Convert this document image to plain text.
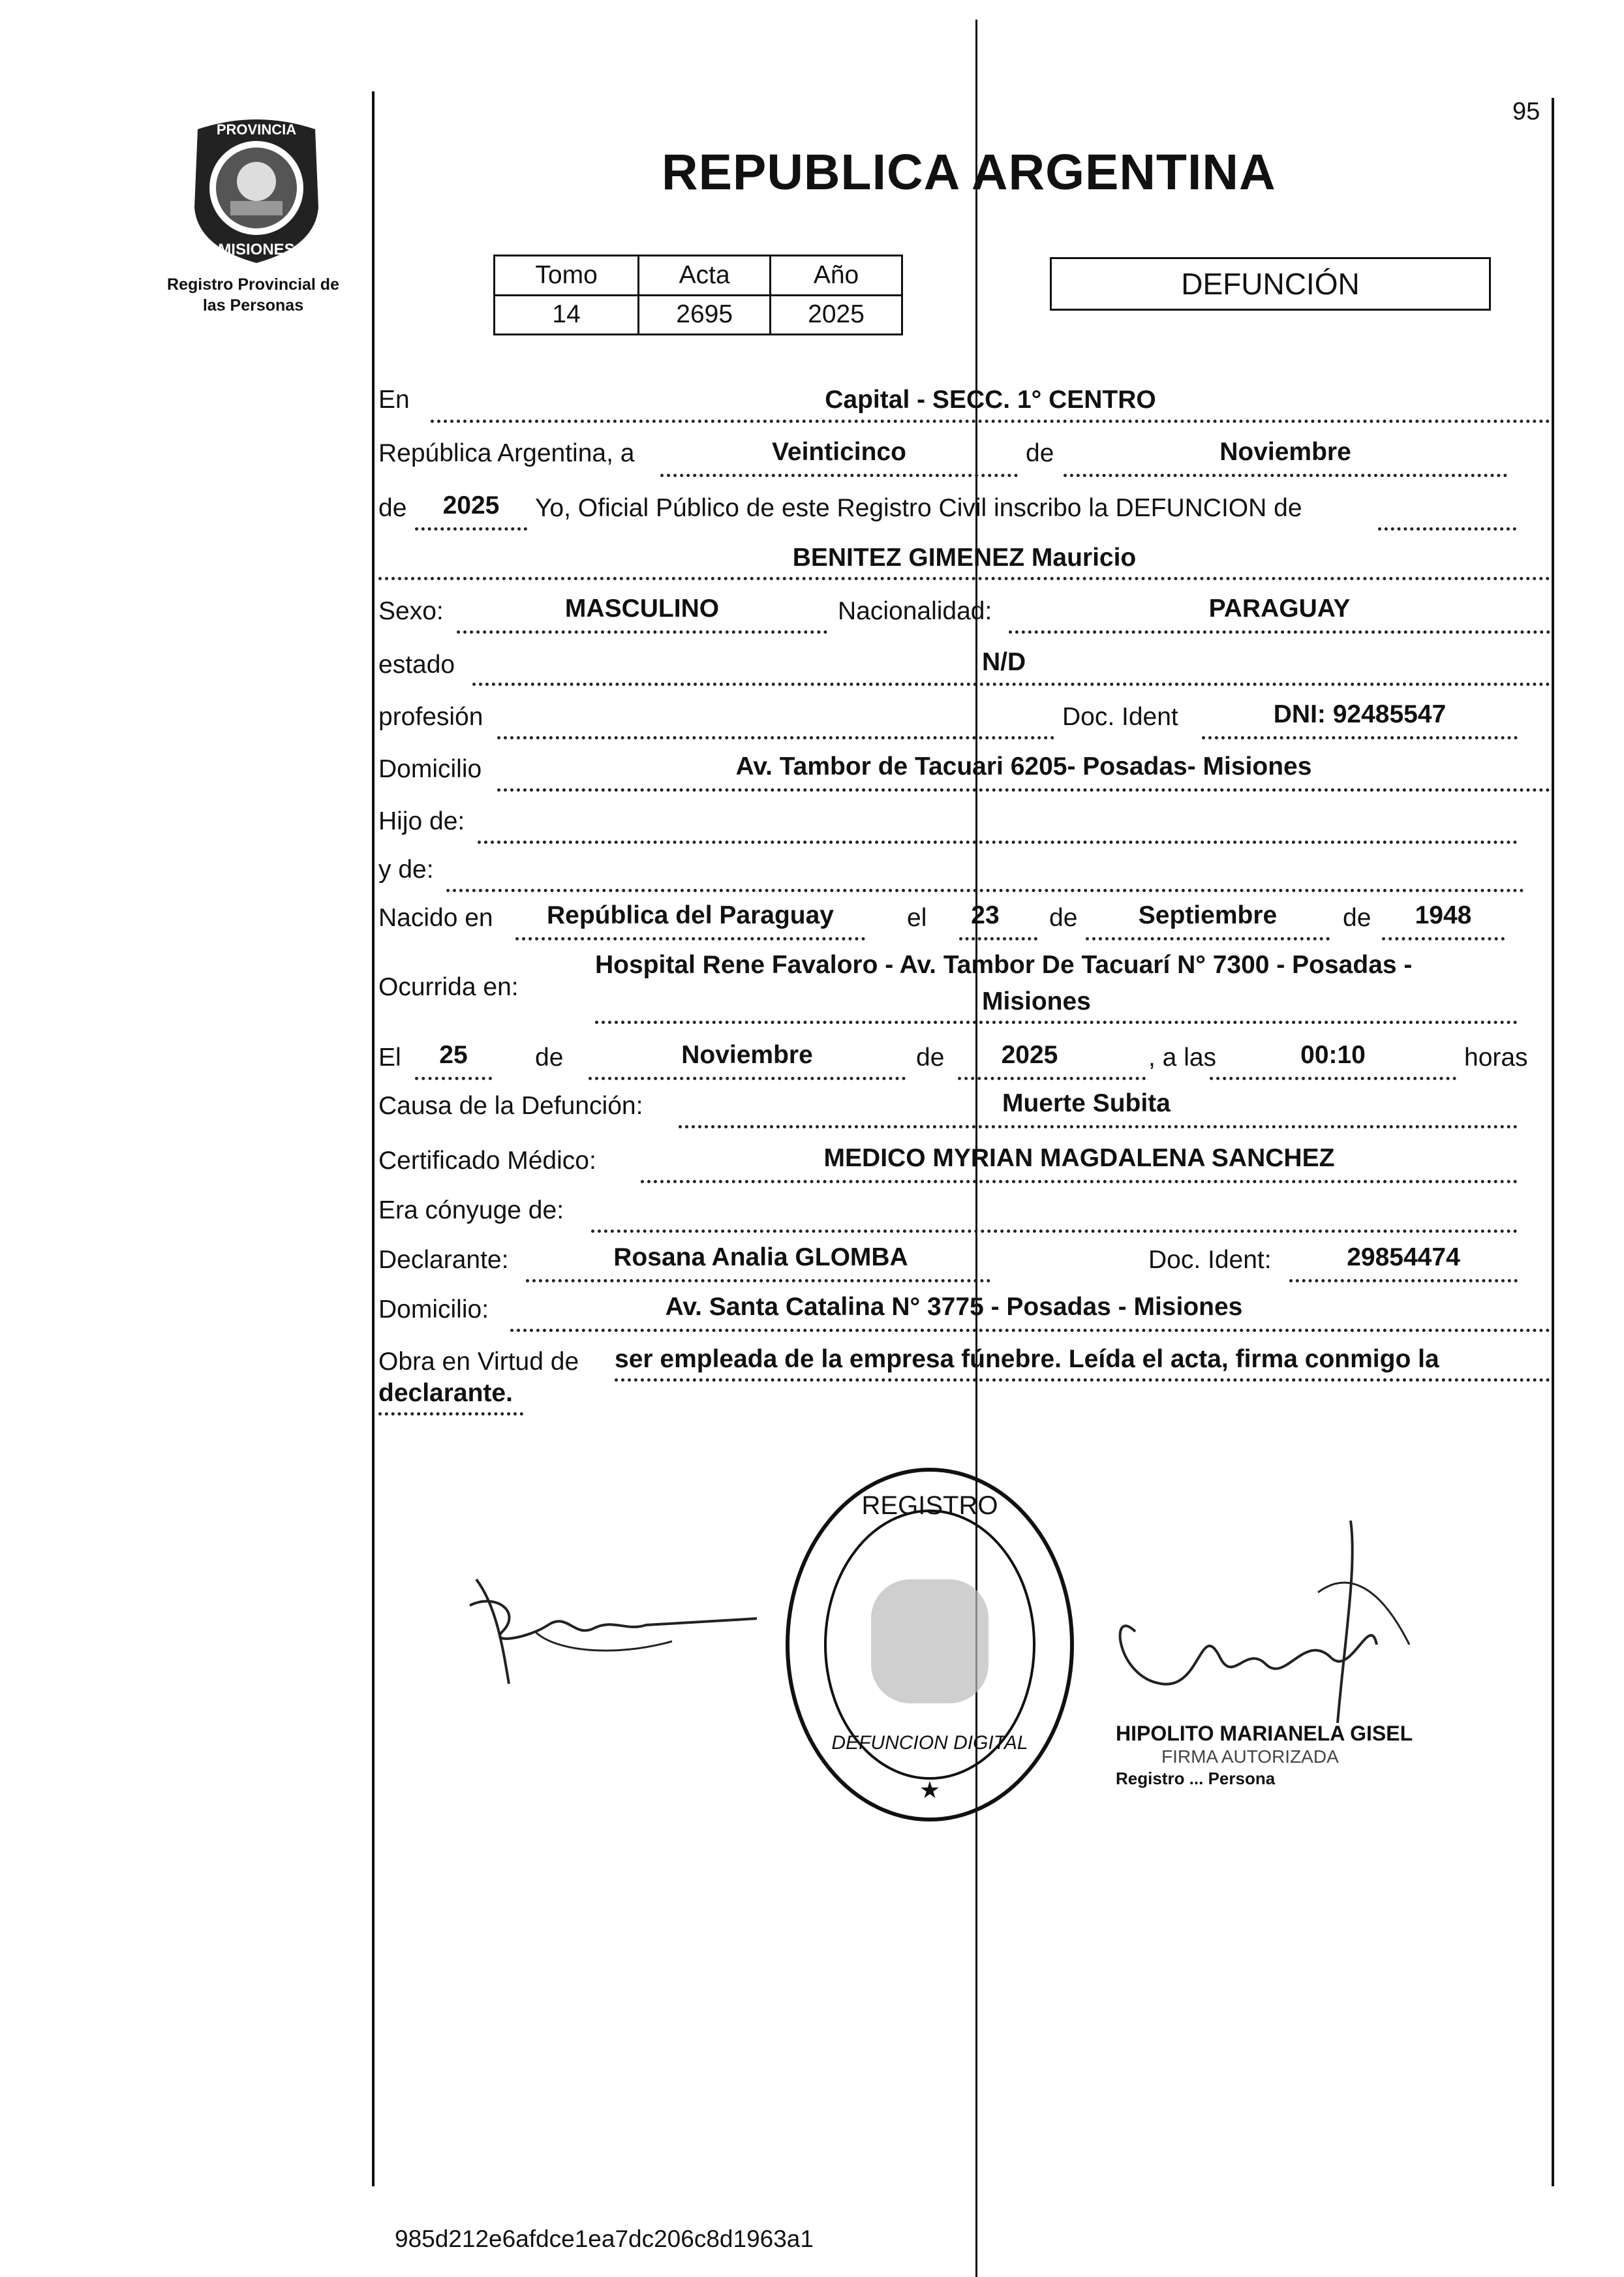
95
PROVINCIA
MISIONES
Registro Provincial de
las Personas
REPUBLICA ARGENTINA
Tomo	Acta	Año
14	2695	2025
DEFUNCIÓN
En	Capital - SECC. 1° CENTRO
República Argentina, a	Veinticinco	de	Noviembre
de	2025	Yo, Oficial Público de este Registro Civil inscribo la DEFUNCION de
BENITEZ GIMENEZ Mauricio
Sexo:	MASCULINO	Nacionalidad:	PARAGUAY
estado	N/D
profesión	Doc. Ident	DNI: 92485547
Domicilio	Av. Tambor de Tacuari 6205- Posadas- Misiones
Hijo de:
y de:
Nacido en	República del Paraguay	el	23	de	Septiembre	de	1948
Ocurrida en:
Hospital Rene Favaloro - Av. Tambor De Tacuarí N° 7300 - Posadas -
Misiones
El	25	de	Noviembre	de	2025	, a las	00:10	horas
Causa de la Defunción:	Muerte Subita
Certificado Médico:	MEDICO MYRIAN MAGDALENA SANCHEZ
Era cónyuge de:
Declarante:	Rosana Analia GLOMBA	Doc. Ident:	29854474
Domicilio:	Av. Santa Catalina N° 3775 - Posadas - Misiones
Obra en Virtud de ser empleada de la empresa fúnebre. Leída el acta, firma conmigo la
declarante.
REGISTRO
DEFUNCION DIGITAL
★
HIPOLITO MARIANELA GISEL
FIRMA AUTORIZADA
Registro ... Persona
985d212e6afdce1ea7dc206c8d1963a1
